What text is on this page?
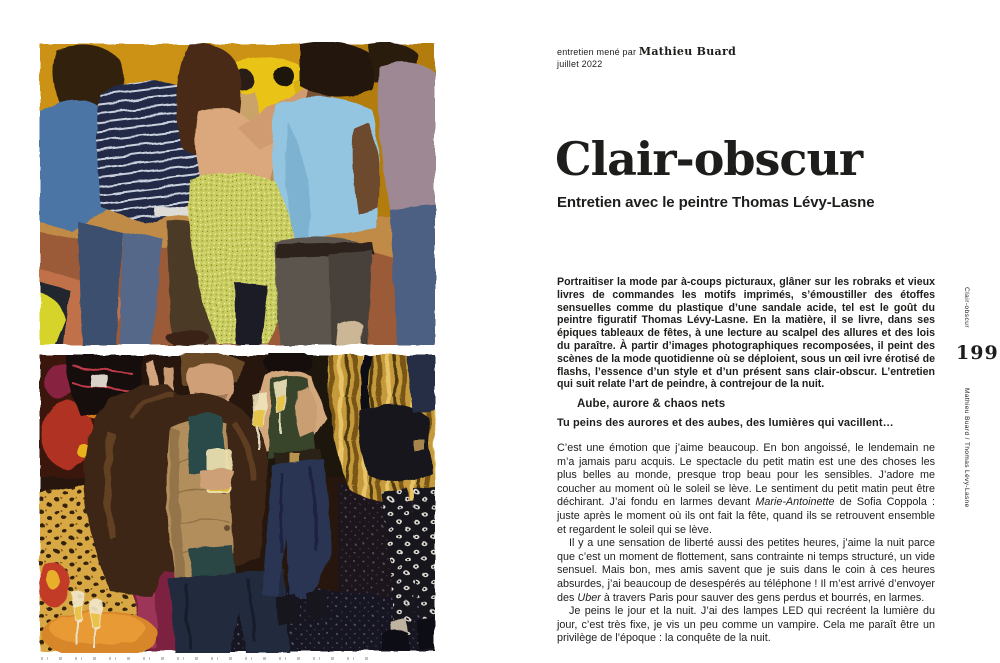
entretien mené par Mathieu Buard
juillet 2022
Clair-obscur
Entretien avec le peintre Thomas Lévy-Lasne

Portraitiser la mode par à-coups picturaux, glâner sur les robraks et vieux livres de commandes les motifs imprimés, s’émoustiller des étoffes sensuelles comme du plastique d’une sandale acide, tel est le goût du peintre figuratif Thomas Lévy-Lasne. En la matière, il se livre, dans ses épiques tableaux de fêtes, à une lecture au scalpel des allures et des lois du paraître. À partir d’images photographiques recomposées, il peint des scènes de la mode quotidienne où se déploient, sous un œil ivre érotisé de flashs, l’essence d’un style et d’un présent sans clair-obscur. L’entretien qui suit relate l’art de peindre, à contrejour de la nuit.

Aube, aurore & chaos nets

Tu peins des aurores et des aubes, des lumières qui vacillent…

C’est une émotion que j’aime beaucoup. En bon angoissé, le lendemain ne m’a jamais paru acquis. Le spectacle du petit matin est une des choses les plus belles au monde, presque trop beau pour les sensibles. J’adore me coucher au moment où le soleil se lève. Le sentiment du petit matin peut être déchirant. J’ai fondu en larmes devant Marie-Antoinette de Sofia Coppola : juste après le moment où ils ont fait la fête, quand ils se retrouvent ensemble et regardent le soleil qui se lève.

Il y a une sensation de liberté aussi des petites heures, j’aime la nuit parce que c’est un moment de flottement, sans contrainte ni temps structuré, un vide sensuel. Mais bon, mes amis savent que je suis dans le coin à ces heures absurdes, j’ai beaucoup de desespérés au téléphone ! Il m’est arrivé d’envoyer des Uber à travers Paris pour sauver des gens perdus et bourrés, en larmes.

Je peins le jour et la nuit. J’ai des lampes LED qui recréent la lumière du jour, c’est très fixe, je vis un peu comme un vampire. Cela me paraît être un privilège de l’époque : la conquête de la nuit.

Clair-obscur
199
Mathieu Buard / Thomas Lévy-Lasne
